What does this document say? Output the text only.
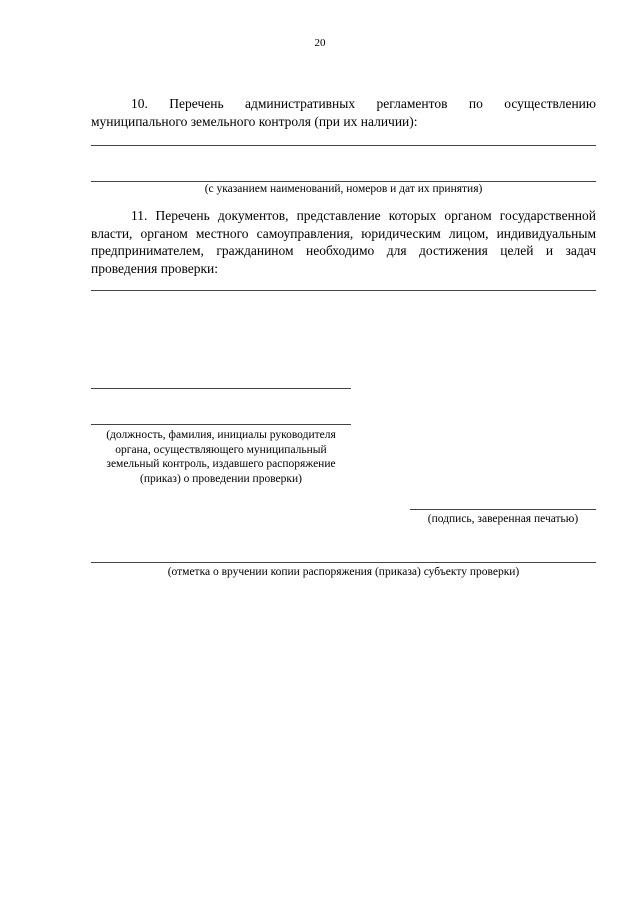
20

10. Перечень административных регламентов по осуществлению муниципального земельного контроля (при их наличии):

(с указанием наименований, номеров и дат их принятия)

11. Перечень документов, представление которых органом государственной власти, органом местного самоуправления, юридическим лицом, индивидуальным предпринимателем, гражданином необходимо для достижения целей и задач проведения проверки:

(должность, фамилия, инициалы руководителя органа, осуществляющего муниципальный земельный контроль, издавшего распоряжение (приказ) о проведении проверки)

(подпись, заверенная печатью)

(отметка о вручении копии распоряжения (приказа) субъекту проверки)
